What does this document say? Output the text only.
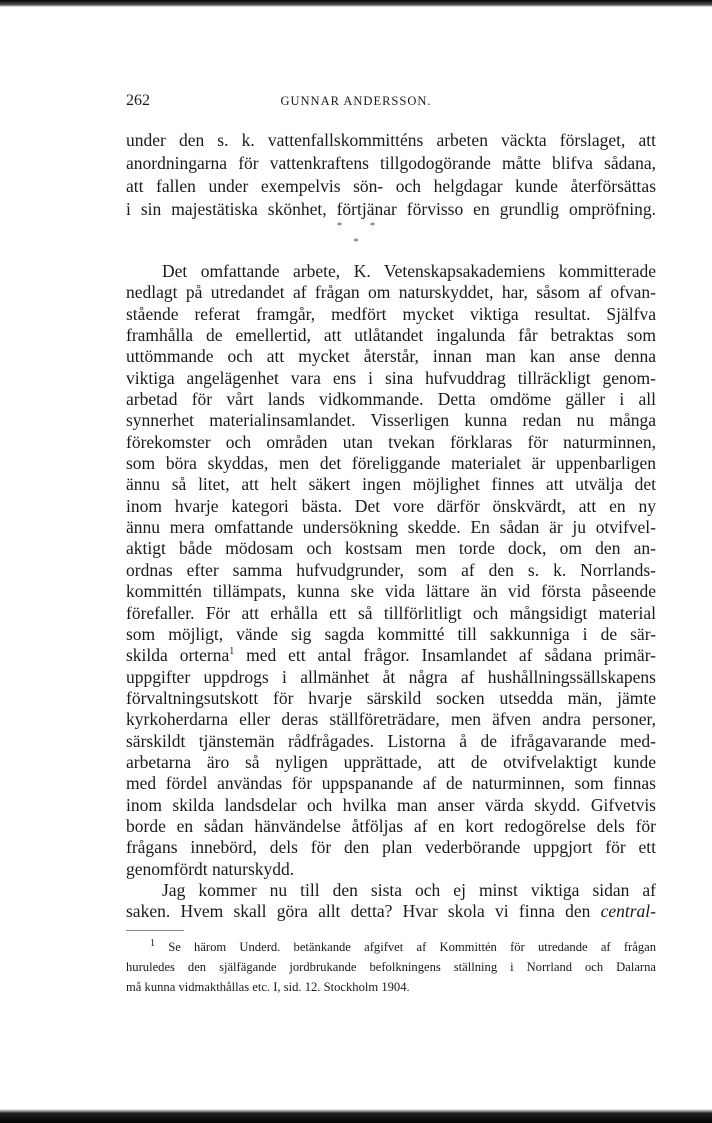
262	GUNNAR ANDERSSON.
under den s. k. vattenfallskommitténs arbeten väckta förslaget, att
anordningarna för vattenkraftens tillgodogörande måtte blifva sådana,
att fallen under exempelvis sön- och helgdagar kunde återförsättas
i sin majestätiska skönhet, förtjänar förvisso en grundlig ompröfning.
*          *
*
Det omfattande arbete, K. Vetenskapsakademiens kommitterade
nedlagt på utredandet af frågan om naturskyddet, har, såsom af ofvan-
stående referat framgår, medfört mycket viktiga resultat. Själfva
framhålla de emellertid, att utlåtandet ingalunda får betraktas som
uttömmande och att mycket återstår, innan man kan anse denna
viktiga angelägenhet vara ens i sina hufvuddrag tillräckligt genom-
arbetad för vårt lands vidkommande. Detta omdöme gäller i all
synnerhet materialinsamlandet. Visserligen kunna redan nu många
förekomster och områden utan tvekan förklaras för naturminnen,
som böra skyddas, men det föreliggande materialet är uppenbarligen
ännu så litet, att helt säkert ingen möjlighet finnes att utvälja det
inom hvarje kategori bästa. Det vore därför önskvärdt, att en ny
ännu mera omfattande undersökning skedde. En sådan är ju otvifvel-
aktigt både mödosam och kostsam men torde dock, om den an-
ordnas efter samma hufvudgrunder, som af den s. k. Norrlands-
kommittén tillämpats, kunna ske vida lättare än vid första påseende
förefaller. För att erhålla ett så tillförlitligt och mångsidigt material
som möjligt, vände sig sagda kommitté till sakkunniga i de sär-
skilda orterna$^1$ med ett antal frågor. Insamlandet af sådana primär-
uppgifter uppdrogs i allmänhet åt några af hushållningssällskapens
förvaltningsutskott för hvarje särskild socken utsedda män, jämte
kyrkoherdarna eller deras ställföreträdare, men äfven andra personer,
särskildt tjänstemän rådfrågades. Listorna å de ifrågavarande med-
arbetarna äro så nyligen upprättade, att de otvifvelaktigt kunde
med fördel användas för uppspanande af de naturminnen, som finnas
inom skilda landsdelar och hvilka man anser värda skydd. Gifvetvis
borde en sådan hänvändelse åtföljas af en kort redogörelse dels för
frågans innebörd, dels för den plan vederbörande uppgjort för ett
genomfördt naturskydd.
Jag kommer nu till den sista och ej minst viktiga sidan af
saken. Hvem skall göra allt detta? Hvar skola vi finna den central-
$^1$ Se härom Underd. betänkande afgifvet af Kommittén för utredande af frågan
huruledes den själfägande jordbrukande befolkningens ställning i Norrland och Dalarna
må kunna vidmakthållas etc. I, sid. 12. Stockholm 1904.
